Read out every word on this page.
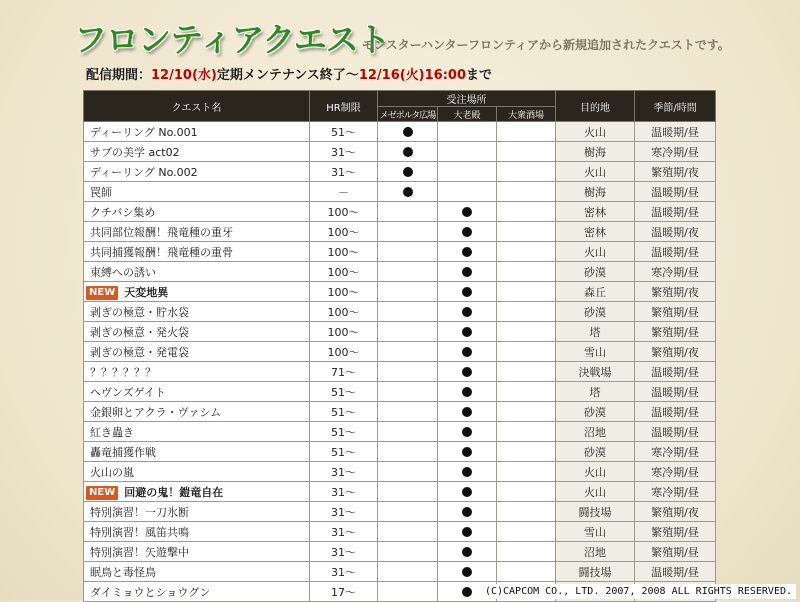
フロンティアクエスト
モンスターハンターフロンティアから新規追加されたクエストです。
配信期間：12/10(水)定期メンテナンス終了～12/16(火)16:00まで
クエスト名	HR制限	受注場所			目的地	季節/時間
		メゼポルタ広場	大老殿	大衆酒場		
ディーリング No.001	51～				火山	温暖期/昼
サブの美学 act02	31～				樹海	寒冷期/昼
ディーリング No.002	31～				火山	繁殖期/夜
罠師	－				樹海	温暖期/昼
クチバシ集め	100～				密林	温暖期/昼
共同部位報酬！飛竜種の重牙	100～				密林	温暖期/夜
共同捕獲報酬！飛竜種の重骨	100～				火山	温暖期/昼
束縛への誘い	100～				砂漠	寒冷期/昼
NEW 天変地異	100～				森丘	繁殖期/夜
剥ぎの極意・貯水袋	100～				砂漠	繁殖期/昼
剥ぎの極意・発火袋	100～				塔	繁殖期/昼
剥ぎの極意・発電袋	100～				雪山	繁殖期/夜
？？？？？？	71～				決戦場	温暖期/昼
ヘヴンズゲイト	51～				塔	温暖期/昼
金銀卵とアクラ・ヴァシム	51～				砂漠	温暖期/昼
紅き蟲き	51～				沼地	温暖期/昼
轟竜捕獲作戦	51～				砂漠	寒冷期/昼
火山の嵐	31～				火山	寒冷期/昼
NEW 回避の鬼！鎧竜自在	31～				火山	寒冷期/昼
特別演習！一刀氷断	31～				闘技場	繁殖期/夜
特別演習！風笛共鳴	31～				雪山	繁殖期/昼
特別演習！矢遊撃中	31～				沼地	繁殖期/昼
眠鳥と毒怪鳥	31～				闘技場	温暖期/昼
ダイミョウとショウグン	17～						(C)CAPCOM CO., LTD. 2007, 2008 ALL RIGHTS RESERVED.
